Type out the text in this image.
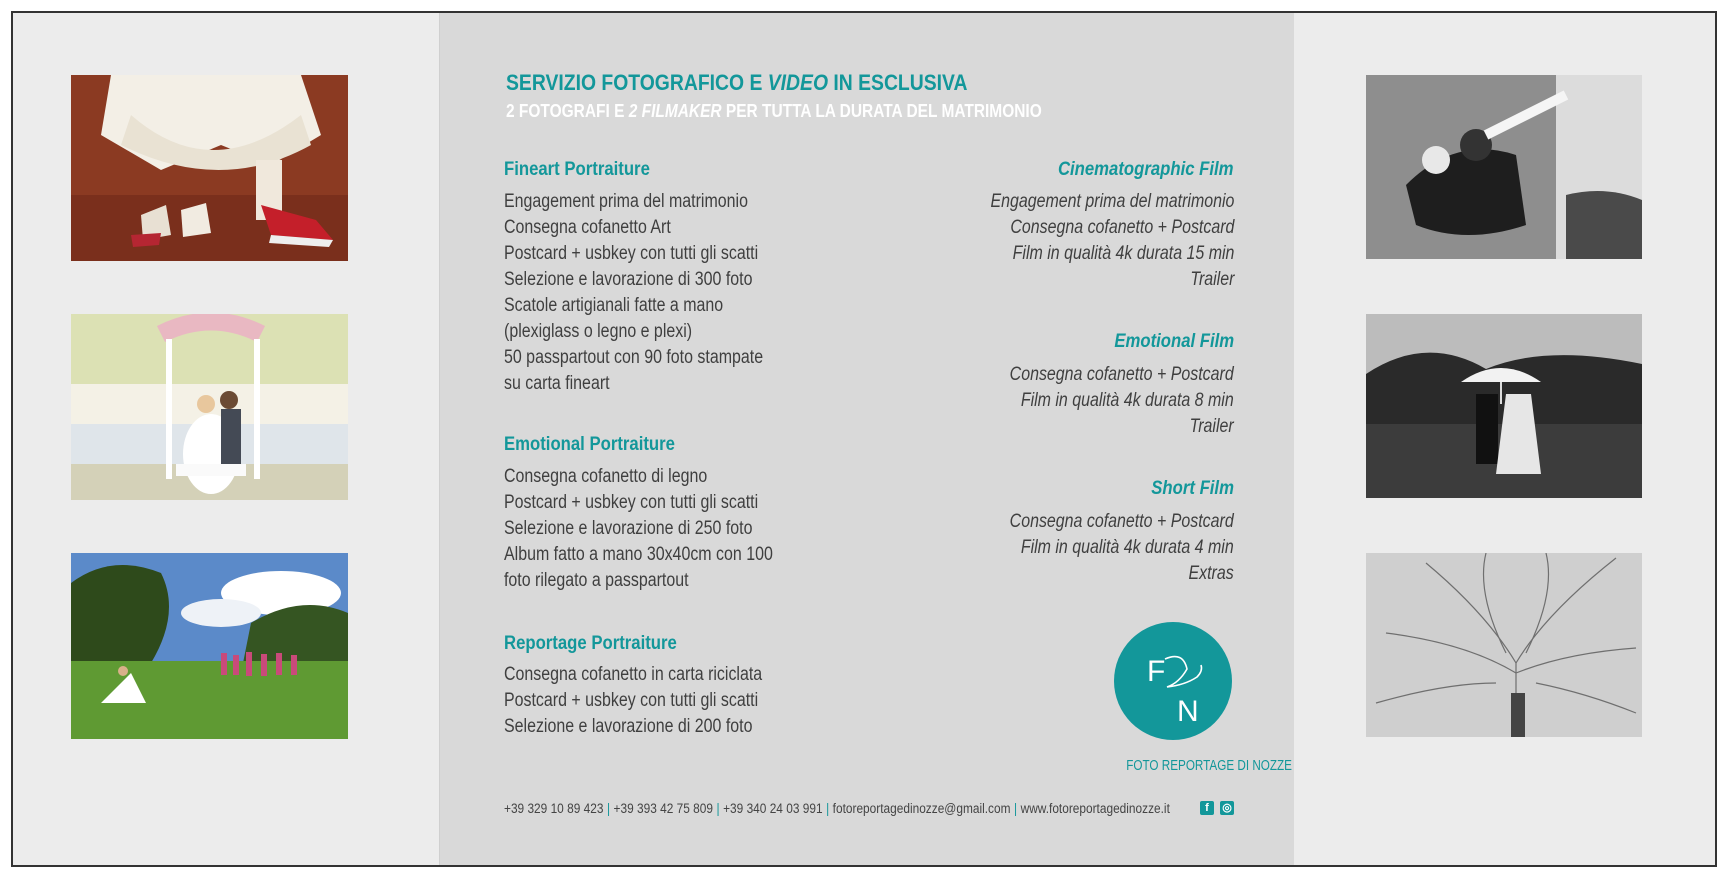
SERVIZIO FOTOGRAFICO E VIDEO IN ESCLUSIVA
2 FOTOGRAFI E 2 FILMAKER PER TUTTA LA DURATA DEL MATRIMONIO
Fineart Portraiture
Engagement prima del matrimonio
Consegna cofanetto Art
Postcard + usbkey con tutti gli scatti
Selezione e lavorazione di 300 foto
Scatole artigianali fatte a mano
(plexiglass o legno e plexi)
50 passpartout con 90 foto stampate
su carta fineart
Emotional Portraiture
Consegna cofanetto di legno
Postcard + usbkey con tutti gli scatti
Selezione e lavorazione di 250 foto
Album fatto a mano 30x40cm con 100
foto rilegato a passpartout
Reportage Portraiture
Consegna cofanetto in carta riciclata
Postcard + usbkey con tutti gli scatti
Selezione e lavorazione di 200 foto
Cinematographic Film
Engagement prima del matrimonio
Consegna cofanetto + Postcard
Film in qualità 4k durata 15 min
Trailer
Emotional Film
Consegna cofanetto + Postcard
Film in qualità 4k durata 8 min
Trailer
Short Film
Consegna cofanetto + Postcard
Film in qualità 4k durata 4 min
Extras
F
N
FOTO REPORTAGE DI NOZZE
+39 329 10 89 423 | +39 393 42 75 809 | +39 340 24 03 991 | fotoreportagedinozze@gmail.com | www.fotoreportagedinozze.it	f	◎
